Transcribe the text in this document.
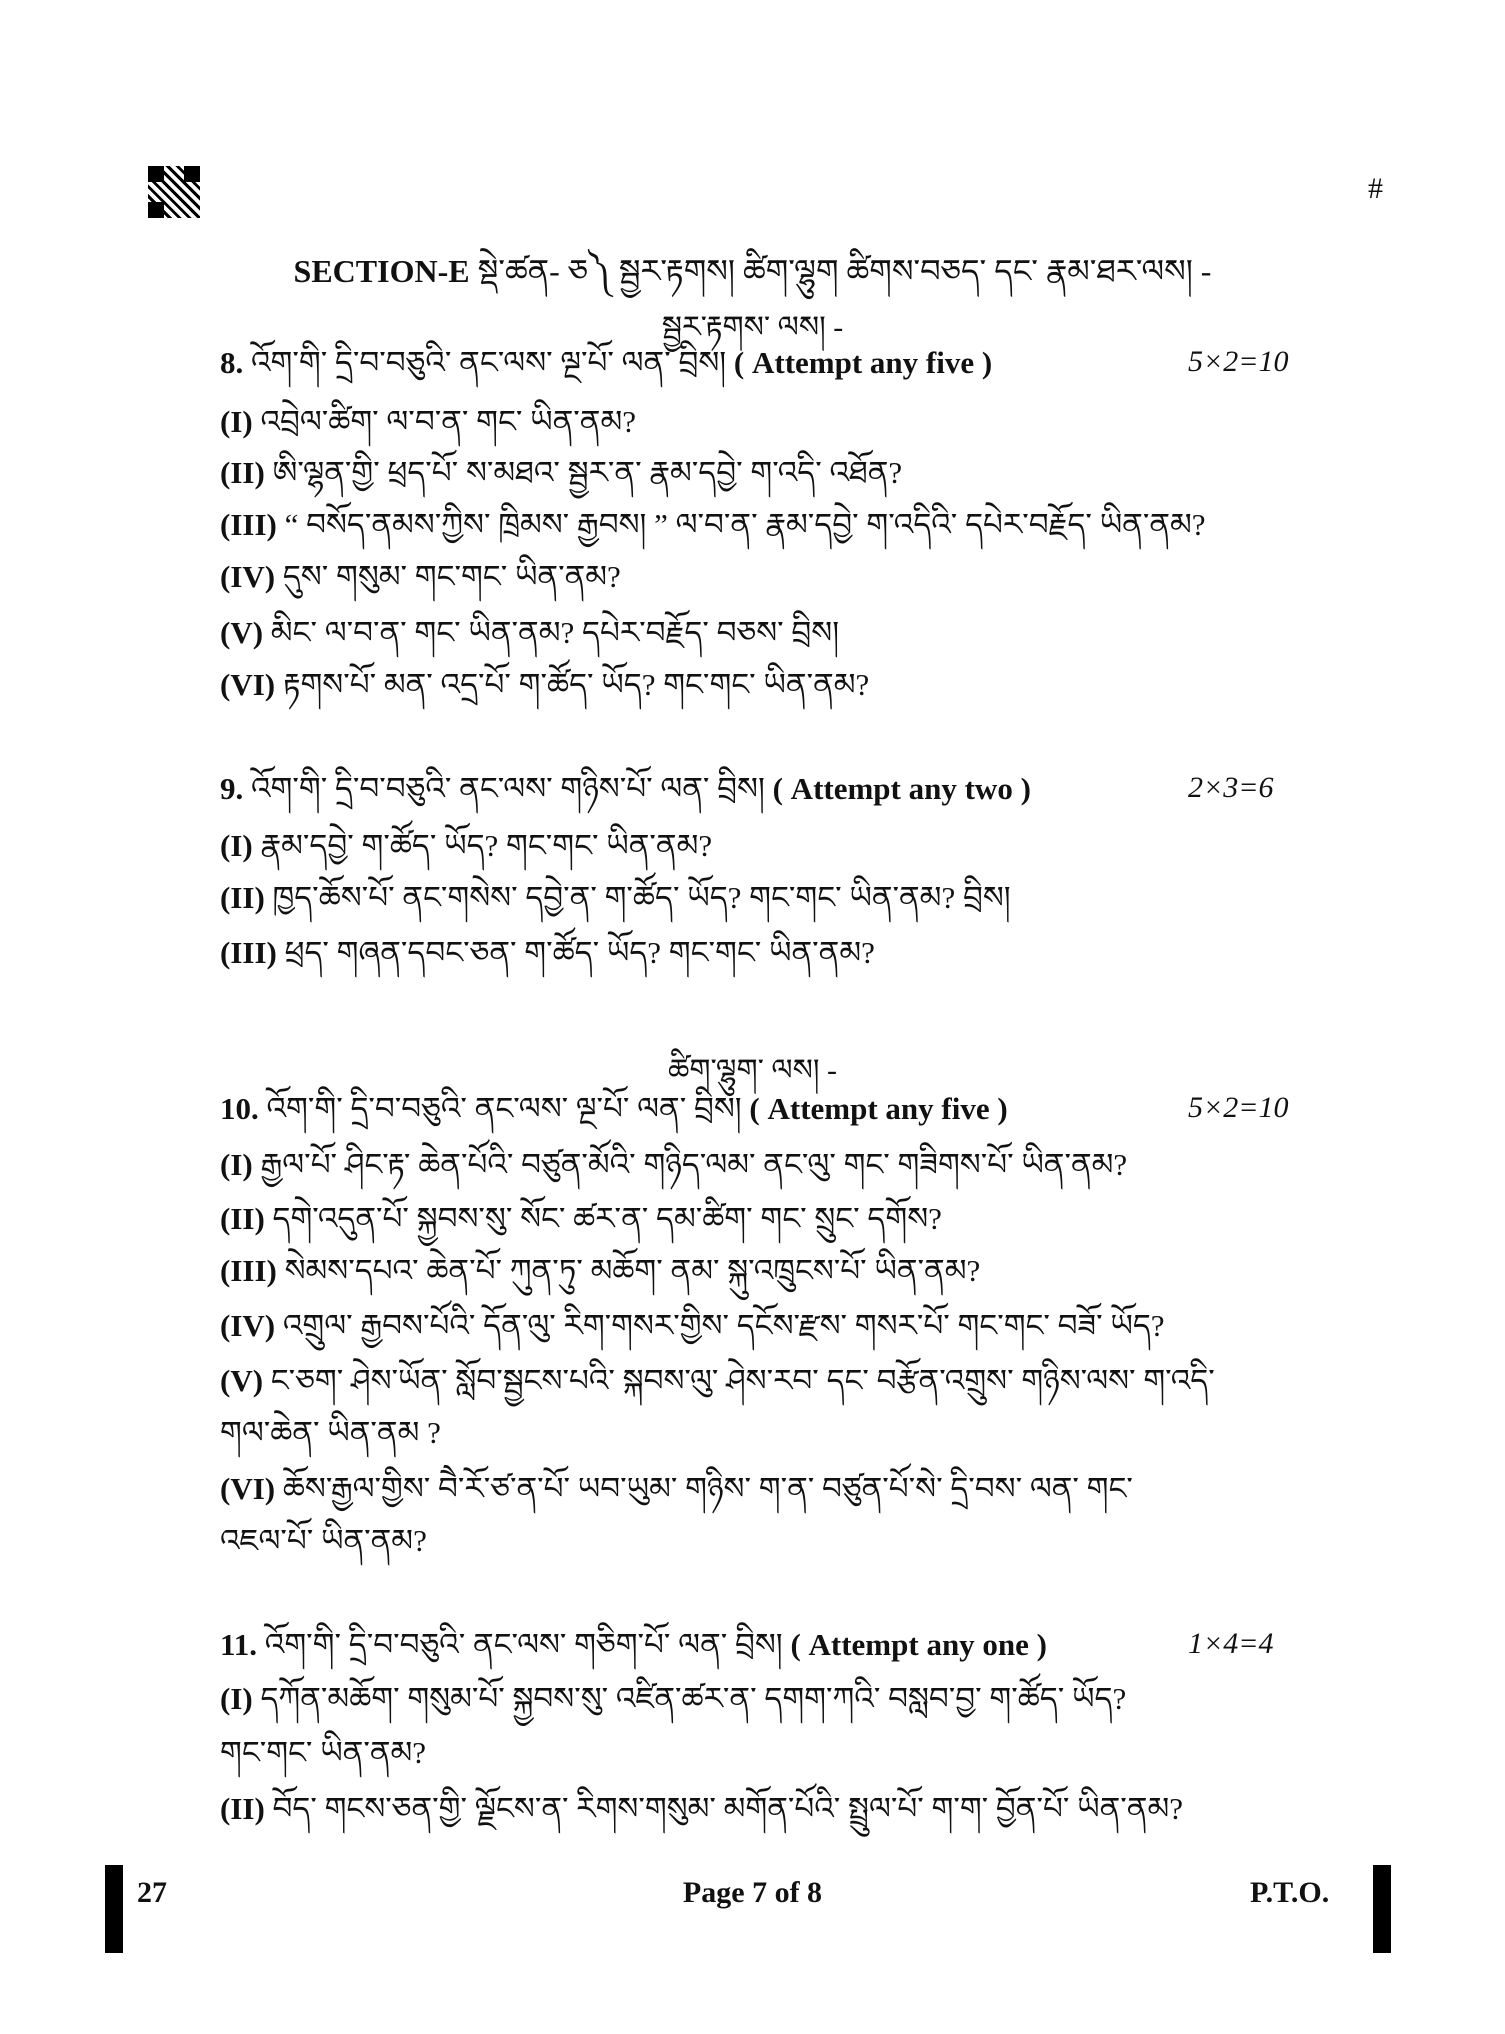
#
SECTION-E སྡེ་ཚན- ཅ༽ སྦྱར་རྟགས། ཚིག་ལྷུག ཚིགས་བཅད་ དང་ རྣམ་ཐར་ལས། -
སྦྱར་རྟགས་ ལས། -
8. འོག་གི་ དྲི་བ་བཅུའི་ ནང་ལས་ ལྔ་པོ་ ལན་ བྲིས། ( Attempt any five )	5×2=10
(I) འབྲེལ་ཚིག་ ལ་བ་ན་ གང་ ཡིན་ནམ?
(II) ཨི་ལྷན་གྱི་ ཕྲད་པོ་ ས་མཐའ་ སྦྱར་ན་ རྣམ་དབྱེ་ ག་འདི་ འཐོན?
(III) “ བསོད་ནམས་ཀྱིས་ ཁྲིམས་ རྒྱབས། ” ལ་བ་ན་ རྣམ་དབྱེ་ ག་འདིའི་ དཔེར་བརྗོད་ ཡིན་ནམ?
(IV) དུས་ གསུམ་ གང་གང་ ཡིན་ནམ?
(V) མིང་ ལ་བ་ན་ གང་ ཡིན་ནམ? དཔེར་བརྗོད་ བཅས་ བྲིས།
(VI) རྟགས་པོ་ མན་ འདྲ་པོ་ ག་ཚོད་ ཡོད? གང་གང་ ཡིན་ནམ?
9. འོག་གི་ དྲི་བ་བཅུའི་ ནང་ལས་ གཉིས་པོ་ ལན་ བྲིས། ( Attempt any two )	2×3=6
(I) རྣམ་དབྱེ་ ག་ཚོད་ ཡོད? གང་གང་ ཡིན་ནམ?
(II) ཁྱད་ཆོས་པོ་ ནང་གསེས་ དབྱེ་ན་ ག་ཚོད་ ཡོད? གང་གང་ ཡིན་ནམ? བྲིས།
(III) ཕྲད་ གཞན་དབང་ཅན་ ག་ཚོད་ ཡོད? གང་གང་ ཡིན་ནམ?
ཚིག་ལྷུག་ ལས། -
10. འོག་གི་ དྲི་བ་བཅུའི་ ནང་ལས་ ལྔ་པོ་ ལན་ བྲིས། ( Attempt any five )	5×2=10
(I) རྒྱལ་པོ་ ཤིང་རྟ་ ཆེན་པོའི་ བཙུན་མོའི་ གཉིད་ལམ་ ནང་ལུ་ གང་ གཟིགས་པོ་ ཡིན་ནམ?
(II) དགེ་འདུན་པོ་ སྐྱབས་སུ་ སོང་ ཚར་ན་ དམ་ཚིག་ གང་ སྲུང་ དགོས?
(III) སེམས་དཔའ་ ཆེན་པོ་ ཀུན་ཏུ་ མཆོག་ ནམ་ སྐུ་འཁྲུངས་པོ་ ཡིན་ནམ?
(IV) འགྲུལ་ རྒྱབས་པོའི་ དོན་ལུ་ རིག་གསར་གྱིས་ དངོས་རྫས་ གསར་པོ་ གང་གང་ བཟོ་ ཡོད?
(V) ང་ཅག་ ཤེས་ཡོན་ སློབ་སྦྱངས་པའི་ སྐབས་ལུ་ ཤེས་རབ་ དང་ བརྩོན་འགྲུས་ གཉིས་ལས་ ག་འདི་
གལ་ཆེན་ ཡིན་ནམ ?
(VI) ཆོས་རྒྱལ་གྱིས་ བཻ་རོ་ཙ་ན་པོ་ ཡབ་ཡུམ་ གཉིས་ ག་ན་ བཙུན་པོ་སེ་ དྲི་བས་ ལན་ གང་
འཇལ་པོ་ ཡིན་ནམ?
11. འོག་གི་ དྲི་བ་བཅུའི་ ནང་ལས་ གཅིག་པོ་ ལན་ བྲིས། ( Attempt any one )	1×4=4
(I) དཀོན་མཆོག་ གསུམ་པོ་ སྐྱབས་སུ་ འཛིན་ཚར་ན་ དགག་ཀའི་ བསླབ་བྱ་ ག་ཚོད་ ཡོད?
གང་གང་ ཡིན་ནམ?
(II) བོད་ གངས་ཅན་གྱི་ ལྗོངས་ན་ རིགས་གསུམ་ མགོན་པོའི་ སྤྲུལ་པོ་ ག་ག་ བྱོན་པོ་ ཡིན་ནམ?
27	Page 7 of 8	P.T.O.
